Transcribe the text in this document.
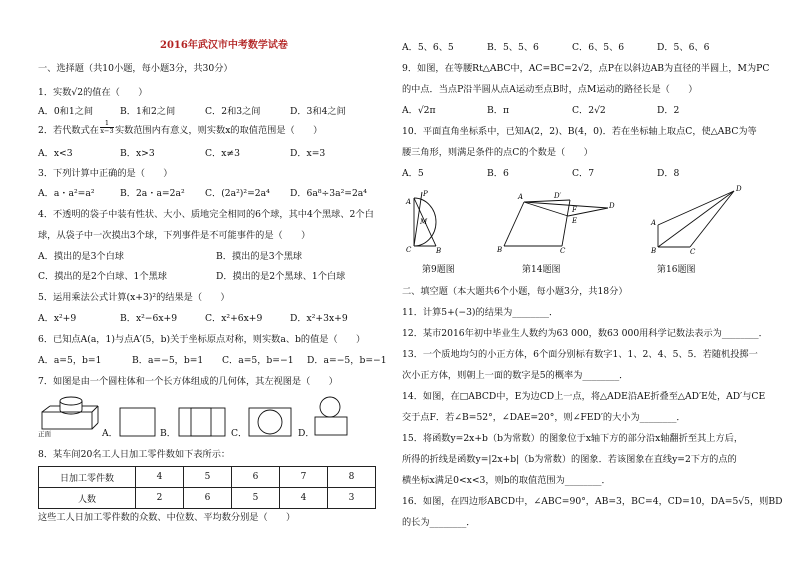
2016年武汉市中考数学试卷
一、选择题（共10小题，每小题3分，共30分）
1．实数√2的值在（　　）
A．0和1之间	B．1和2之间	C．2和3之间	D．3和4之间
2．若代数式在 $\frac{1}{x-3}$ 实数范围内有意义，则实数x的取值范围是（　　）
A．x<3	B．x>3	C．x≠3	D．x=3
3．下列计算中正确的是（　　）
A．a・a²=a²	B．2a・a=2a² C．(2a²)²=2a⁴ D．6a⁸÷3a²=2a⁴
4．不透明的袋子中装有性状、大小、质地完全相同的6个球，其中4个黑球、2个白
球，从袋子中一次摸出3个球，下列事件是不可能事件的是（　　）
A．摸出的是3个白球	B．摸出的是3个黑球
C．摸出的是2个白球、1个黑球	D．摸出的是2个黑球、1个白球
5．运用乘法公式计算(x+3)²的结果是（　　）
A．x²+9	B．x²−6x+9	C．x²+6x+9	D．x²+3x+9
6．已知点A(a，1)与点A′(5，b)关于坐标原点对称，则实数a、b的值是（　　）
A．a=5，b=1	B．a=−5，b=1 C．a=5，b=−1 D．a=−5，b=−1
7．如图是由一个圆柱体和一个长方体组成的几何体，其左视图是（　　）
正面	A．	B．	C．	D．
8．某车间20名工人日加工零件数如下表所示：
日加工零件数	4	5	6	7	8
人数	2	6	5	4	3
这些工人日加工零件数的众数、中位数、平均数分别是（　　）
A．5、6、5	B．5、5、6	C．6、5、6	D．5、6、6
9．如图，在等腰Rt△ABC中，AC=BC=2√2，点P在以斜边AB为直径的半圆上，M为PC
的中点．当点P沿半圆从点A运动至点B时，点M运动的路径长是（　　）
A．√2π	B．π	C．2√2	D．2
10．平面直角坐标系中，已知A(2，2)、B(4，0)．若在坐标轴上取点C，使△ABC为等
腰三角形，则满足条件的点C的个数是（　　）
A．5	B．6	C．7	D．8
P
A
M
C	B
D′
A
D
F
E
B	C
D
A
B	C
第9题图	第14题图	第16题图
二、填空题（本大题共6个小题，每小题3分，共18分）
11．计算5+(−3)的结果为________．
12．某市2016年初中毕业生人数约为63 000，数63 000用科学记数法表示为________．
13．一个质地均匀的小正方体，6个面分别标有数字1、1、2、4、5、5．若随机投掷一
次小正方体，则朝上一面的数字是5的概率为________．
14．如图，在□ABCD中，E为边CD上一点，将△ADE沿AE折叠至△AD′E处，AD′与CE
交于点F．若∠B=52°，∠DAE=20°，则∠FED′的大小为________．
15．将函数y=2x+b（b为常数）的图象位于x轴下方的部分沿x轴翻折至其上方后，
所得的折线是函数y=|2x+b|（b为常数）的图象．若该图象在直线y=2下方的点的
横坐标x满足0<x<3，则b的取值范围为________．
16．如图，在四边形ABCD中，∠ABC=90°，AB=3，BC=4，CD=10，DA=5√5，则BD
的长为________．
